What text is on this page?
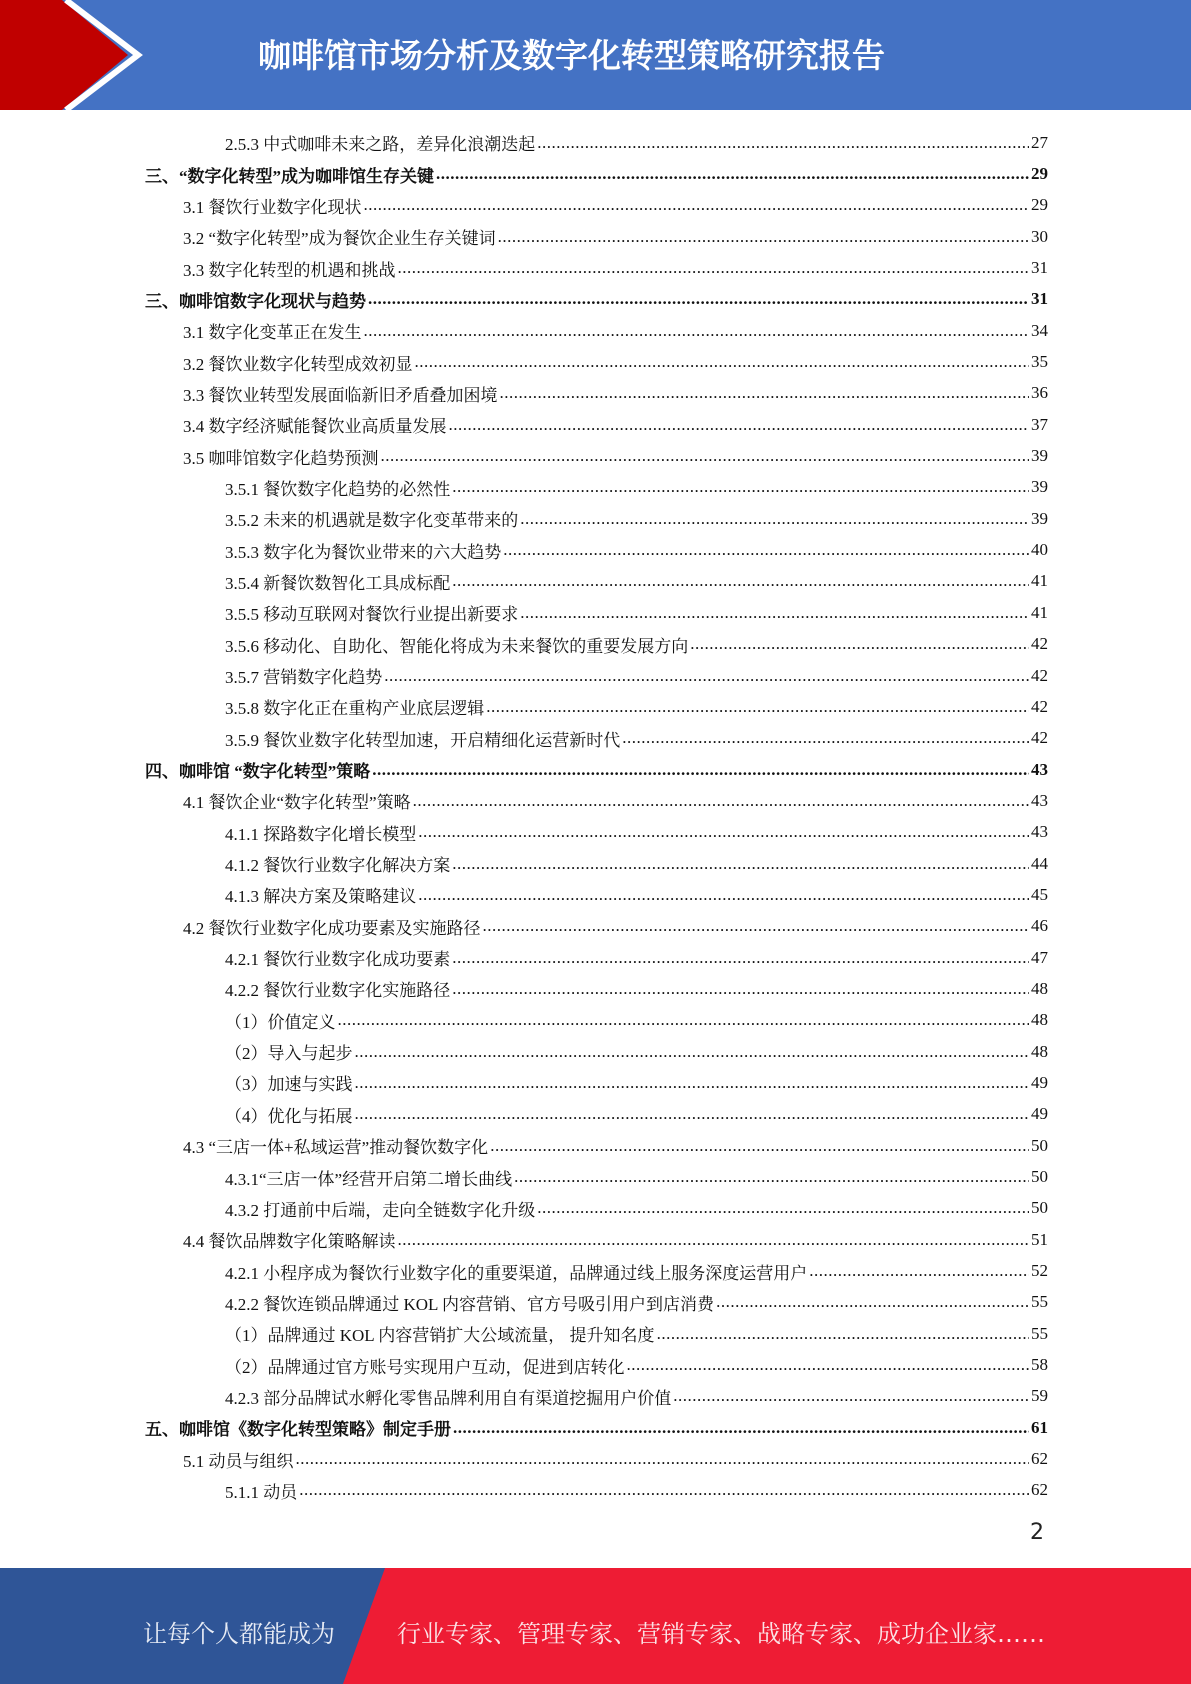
咖啡馆市场分析及数字化转型策略研究报告
2.5.3 中式咖啡未来之路，差异化浪潮迭起 .....	27
三、“数字化转型”成为咖啡馆生存关键 .....	29
3.1 餐饮行业数字化现状 .....	29
3.2 “数字化转型”成为餐饮企业生存关键词 .....	30
3.3 数字化转型的机遇和挑战 .....	31
三、咖啡馆数字化现状与趋势 .....	31
3.1 数字化变革正在发生 .....	34
3.2 餐饮业数字化转型成效初显 .....	35
3.3 餐饮业转型发展面临新旧矛盾叠加困境 .....	36
3.4 数字经济赋能餐饮业高质量发展 .....	37
3.5 咖啡馆数字化趋势预测 .....	39
3.5.1 餐饮数字化趋势的必然性 .....	39
3.5.2 未来的机遇就是数字化变革带来的 .....	39
3.5.3 数字化为餐饮业带来的六大趋势 .....	40
3.5.4 新餐饮数智化工具成标配 .....	41
3.5.5 移动互联网对餐饮行业提出新要求 .....	41
3.5.6 移动化、自助化、智能化将成为未来餐饮的重要发展方向 .....	42
3.5.7 营销数字化趋势 .....	42
3.5.8 数字化正在重构产业底层逻辑 .....	42
3.5.9 餐饮业数字化转型加速，开启精细化运营新时代 .....	42
四、咖啡馆 “数字化转型”策略 .....	43
4.1 餐饮企业“数字化转型”策略 .....	43
4.1.1 探路数字化增长模型 .....	43
4.1.2 餐饮行业数字化解决方案 .....	44
4.1.3 解决方案及策略建议 .....	45
4.2 餐饮行业数字化成功要素及实施路径 .....	46
4.2.1 餐饮行业数字化成功要素 .....	47
4.2.2 餐饮行业数字化实施路径 .....	48
（1）价值定义 .....	48
（2）导入与起步 .....	48
（3）加速与实践 .....	49
（4）优化与拓展 .....	49
4.3 “三店一体+私域运营”推动餐饮数字化 .....	50
4.3.1“三店一体”经营开启第二增长曲线 .....	50
4.3.2 打通前中后端，走向全链数字化升级 .....	50
4.4 餐饮品牌数字化策略解读 .....	51
4.2.1 小程序成为餐饮行业数字化的重要渠道，品牌通过线上服务深度运营用户 .....	52
4.2.2 餐饮连锁品牌通过 KOL 内容营销、官方号吸引用户到店消费 .....	55
（1）品牌通过 KOL 内容营销扩大公域流量， 提升知名度 .....	55
（2）品牌通过官方账号实现用户互动，促进到店转化 .....	58
4.2.3 部分品牌试水孵化零售品牌利用自有渠道挖掘用户价值 .....	59
五、咖啡馆《数字化转型策略》制定手册 .....	61
5.1 动员与组织 .....	62
5.1.1 动员 .....	62
2
让每个人都能成为	行业专家、管理专家、营销专家、战略专家、成功企业家……
